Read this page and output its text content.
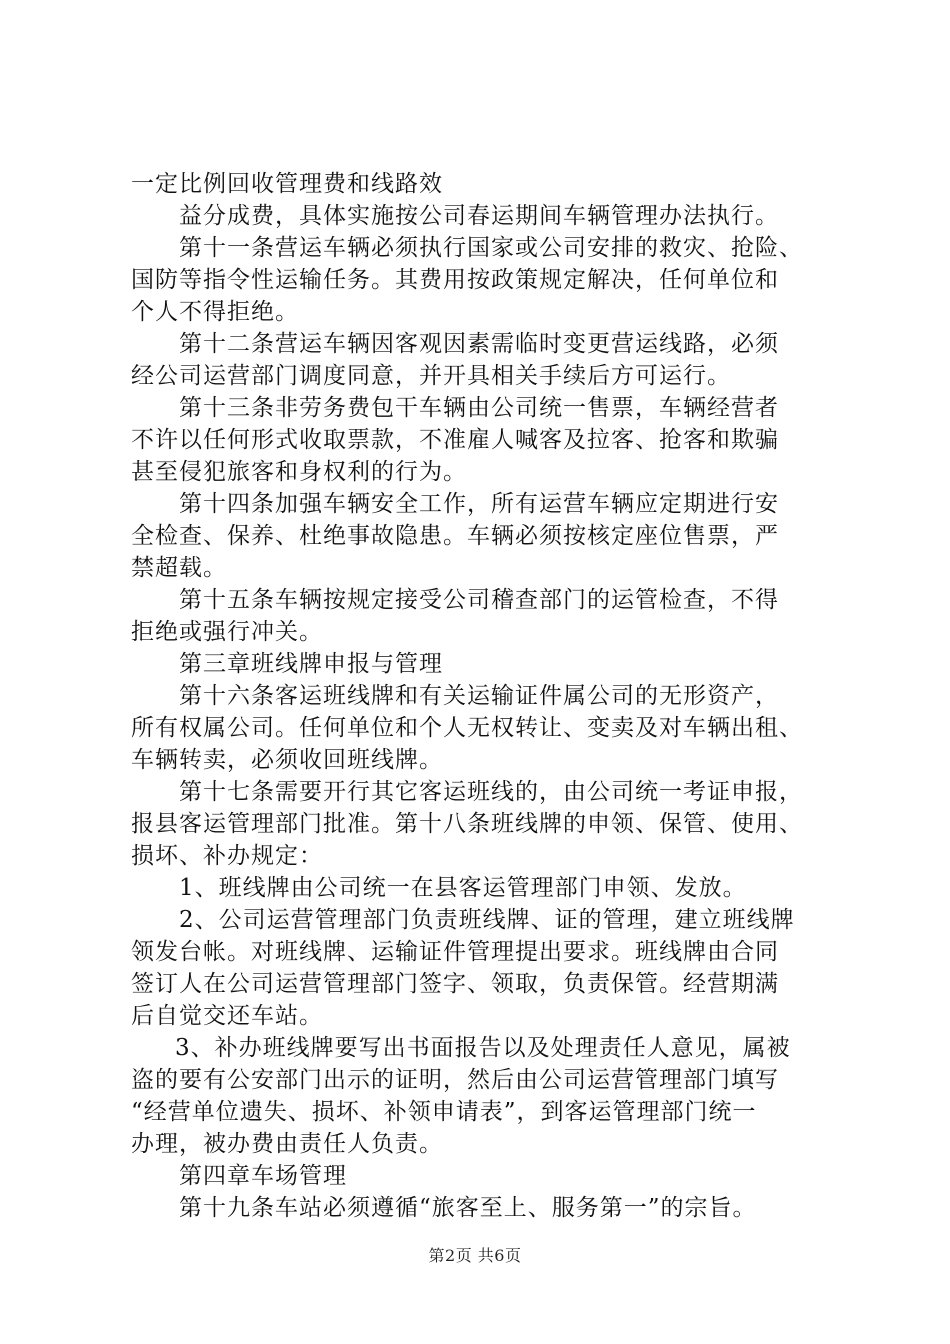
一定比例回收管理费和线路效
益分成费，具体实施按公司春运期间车辆管理办法执行。
第十一条营运车辆必须执行国家或公司安排的救灾、抢险、
国防等指令性运输任务。其费用按政策规定解决，任何单位和
个人不得拒绝。
第十二条营运车辆因客观因素需临时变更营运线路，必须
经公司运营部门调度同意，并开具相关手续后方可运行。
第十三条非劳务费包干车辆由公司统一售票，车辆经营者
不许以任何形式收取票款，不准雇人喊客及拉客、抢客和欺骗
甚至侵犯旅客和身权利的行为。
第十四条加强车辆安全工作，所有运营车辆应定期进行安
全检查、保养、杜绝事故隐患。车辆必须按核定座位售票，严
禁超载。
第十五条车辆按规定接受公司稽查部门的运管检查，不得
拒绝或强行冲关。
第三章班线牌申报与管理
第十六条客运班线牌和有关运输证件属公司的无形资产，
所有权属公司。任何单位和个人无权转让、变卖及对车辆出租、
车辆转卖，必须收回班线牌。
第十七条需要开行其它客运班线的，由公司统一考证申报，
报县客运管理部门批准。第十八条班线牌的申领、保管、使用、
损坏、补办规定：
1、班线牌由公司统一在县客运管理部门申领、发放。
2、公司运营管理部门负责班线牌、证的管理，建立班线牌
领发台帐。对班线牌、运输证件管理提出要求。班线牌由合同
签订人在公司运营管理部门签字、领取，负责保管。经营期满
后自觉交还车站。
3、补办班线牌要写出书面报告以及处理责任人意见，属被
盗的要有公安部门出示的证明，然后由公司运营管理部门填写
“经营单位遗失、损坏、补领申请表”，到客运管理部门统一
办理，被办费由责任人负责。
第四章车场管理
第十九条车站必须遵循“旅客至上、服务第一”的宗旨。
第2页 共6页
